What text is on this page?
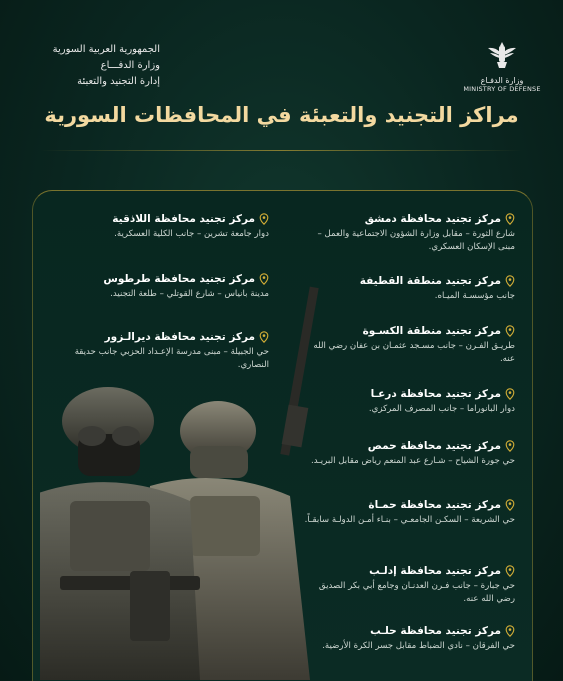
الجمهورية العربية السورية
وزارة الدفـــاع
إدارة التجنيد والتعبئة	وزارة الدفـاع
MINISTRY OF DEFENSE
مراكز التجنيد والتعبئة في المحافظات السورية
مركز تجنيد محافظة دمشق
شارع الثورة – مقابل وزارة الشؤون الاجتماعية والعمل – مبنى الإسكان العسكري.
مركز تجنيد منطقة القطيفة
جانب مؤسسـة الميـاه.
مركز تجنيد منطقة الكسـوة
طريـق الفـرن – جانب مسـجد عثمـان بن عفان رضي الله عنه.
مركز تجنيد محافظة درعـا
دوار البانوراما – جانب المصرف المركزي.
مركز تجنيد محافظة حمص
حي جورة الشياح – شـارع عبد المنعم رياض مقابل البريـد.
مركز تجنيد محافظة حمـاة
حي الشريعة – السكـن الجامعـي – بنـاء أمـن الدولـة سابقـاً.
مركز تجنيد محافظة إدلـب
حي جبارة – جانب فـرن العدنـان وجامع أبي بكر الصديق رضي الله عنه.
مركز تجنيد محافظة حلـب
حي الفرقان – نادي الضباط مقابل جسر الكرة الأرضية.
مركز تجنيد محافظة اللاذقية
دوار جامعة تشرين – جانب الكلية العسكرية.
مركز تجنيد محافظة طرطوس
مدينة بانياس – شارع القوتلي – طلعة التجنيد.
مركز تجنيد محافظة ديرالـزور
حي الجبيلة – مبنى مدرسة الإعـداد الحزبي جانب حديقة النصاري.
